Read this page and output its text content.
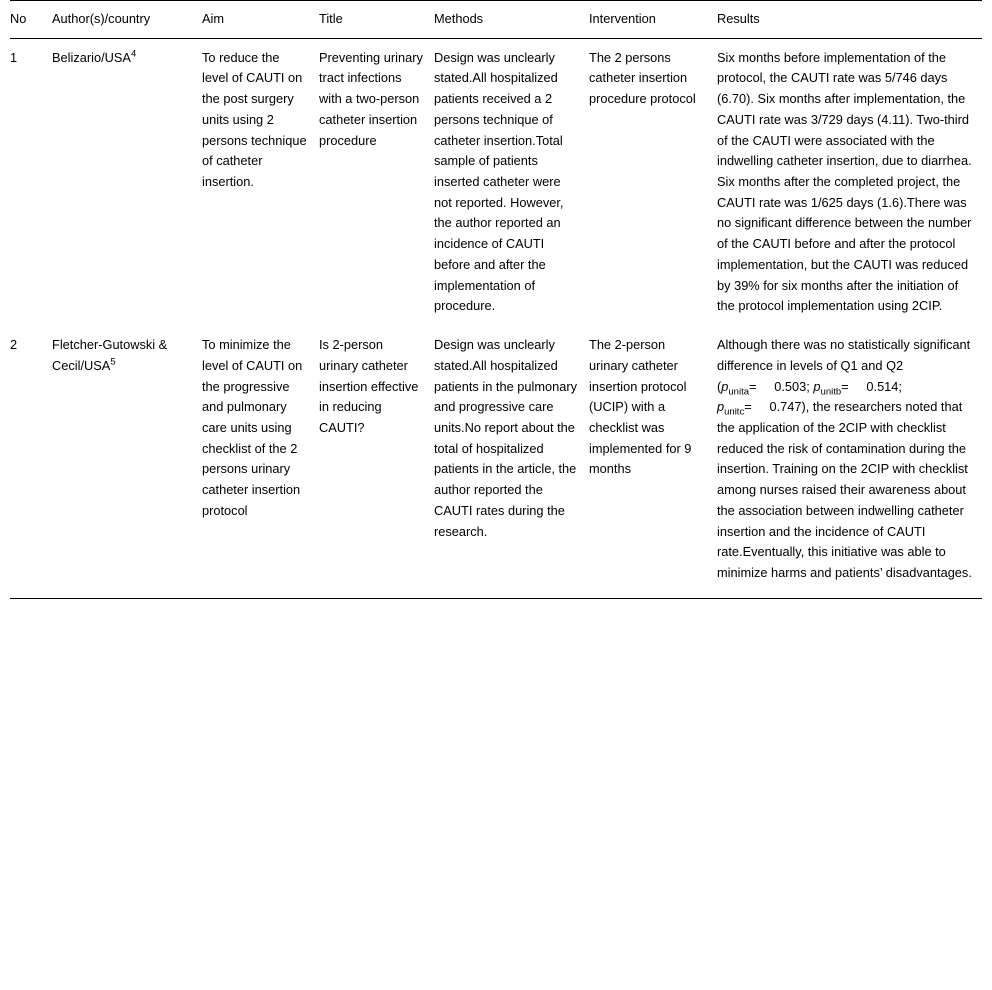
No	Author(s)/country	Aim	Title	Methods	Intervention	Results
1	Belizario/USA$^4$	To reduce the level of CAUTI on the post surgery units using 2 persons technique of catheter insertion.	Preventing urinary tract infections with a two-person catheter insertion procedure	Design was unclearly stated.All hospitalized patients received a 2 persons technique of catheter insertion.Total sample of patients inserted catheter were not reported. However, the author reported an incidence of CAUTI before and after the implementation of procedure.	The 2 persons catheter insertion procedure protocol	Six months before implementation of the protocol, the CAUTI rate was 5/746 days (6.70). Six months after implementation, the CAUTI rate was 3/729 days (4.11). Two-third of the CAUTI were associated with the indwelling catheter insertion, due to diarrhea. Six months after the completed project, the CAUTI rate was 1/625 days (1.6).There was no significant difference between the number of the CAUTI before and after the protocol implementation, but the CAUTI was reduced by 39% for six months after the initiation of the protocol implementation using 2CIP.
2	Fletcher-Gutowski & Cecil/USA$^5$	To minimize the level of CAUTI on the progressive and pulmonary care units using checklist of the 2 persons urinary catheter insertion protocol	Is 2-person urinary catheter insertion effective in reducing CAUTI?	Design was unclearly stated.All hospitalized patients in the pulmonary and progressive care units.No report about the total of hospitalized patients in the article, the author reported the CAUTI rates during the research.	The 2-person urinary catheter insertion protocol (UCIP) with a checklist was implemented for 9 months	Although there was no statistically significant difference in levels of Q1 and Q2 ($p_{unita}=$     0.503; $p_{unitb}=$     0.514; $p_{unitc}=$     0.747), the researchers noted that the application of the 2CIP with checklist reduced the risk of contamination during the insertion. Training on the 2CIP with checklist among nurses raised their awareness about the association between indwelling catheter insertion and the incidence of CAUTI rate.Eventually, this initiative was able to minimize harms and patients’ disadvantages.
